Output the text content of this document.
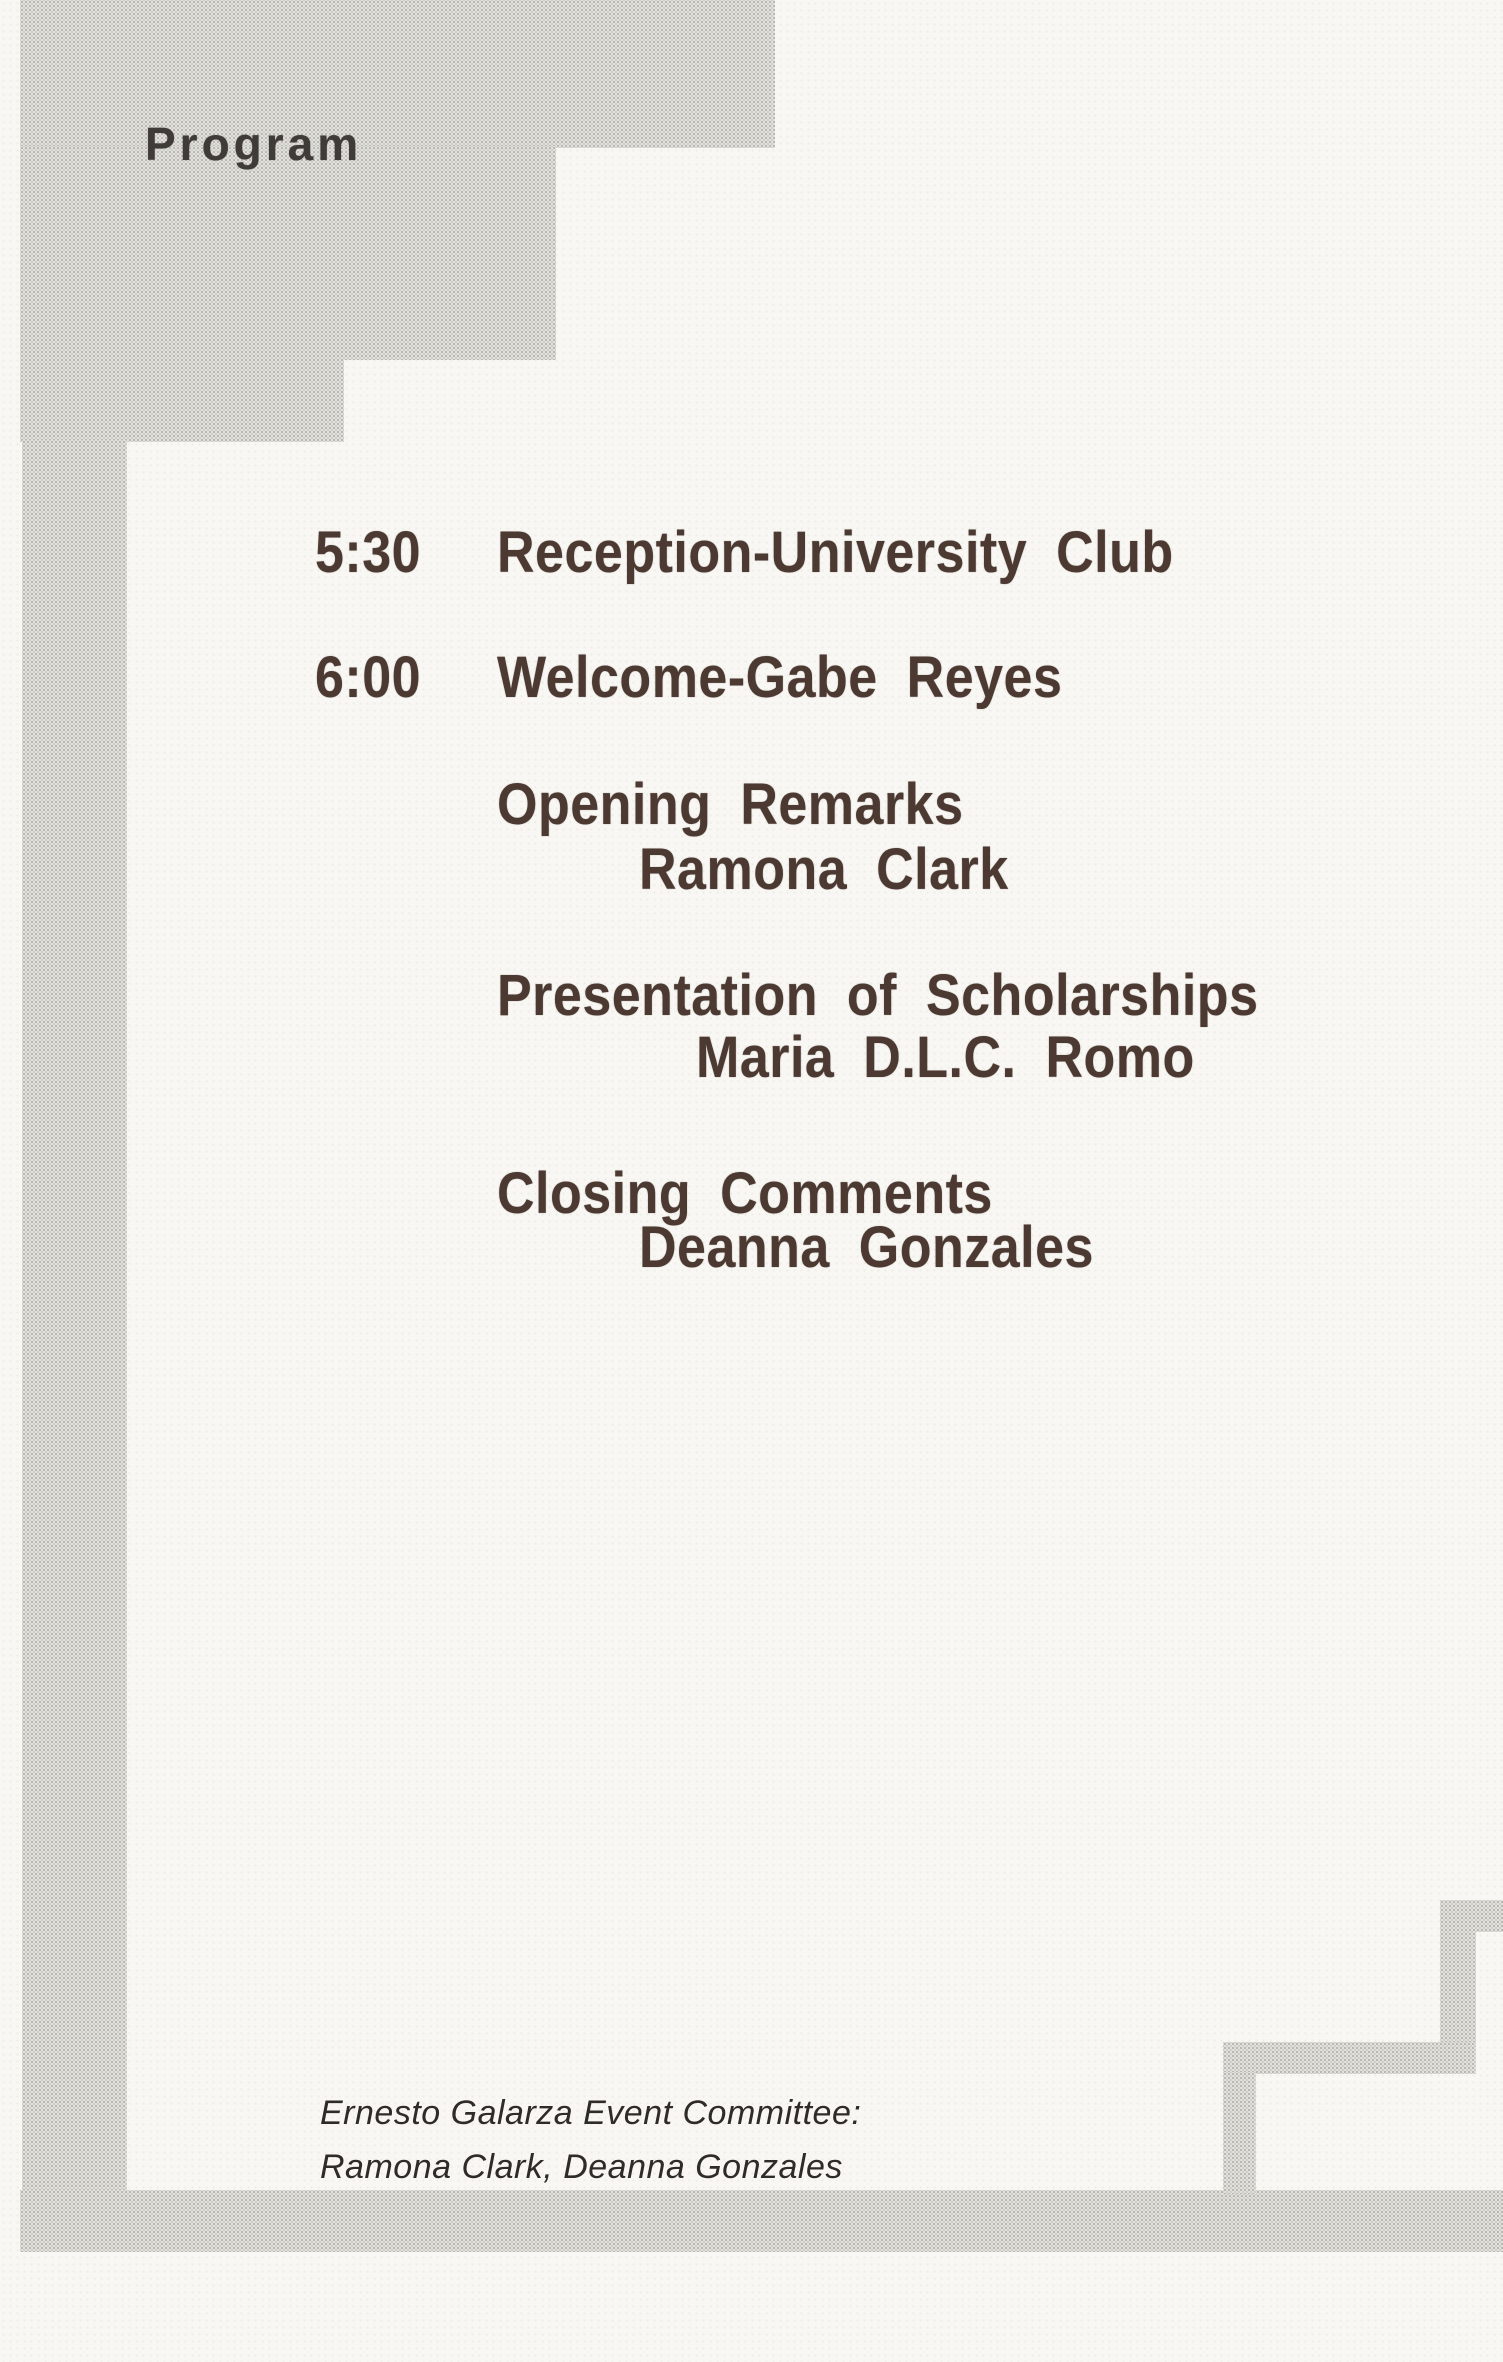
Program
5:30 Reception-University Club
6:00 Welcome-Gabe Reyes
Opening Remarks
Ramona Clark
Presentation of Scholarships
Maria D.L.C. Romo
Closing Comments
Deanna Gonzales
Ernesto Galarza Event Committee:
Ramona Clark, Deanna Gonzales
